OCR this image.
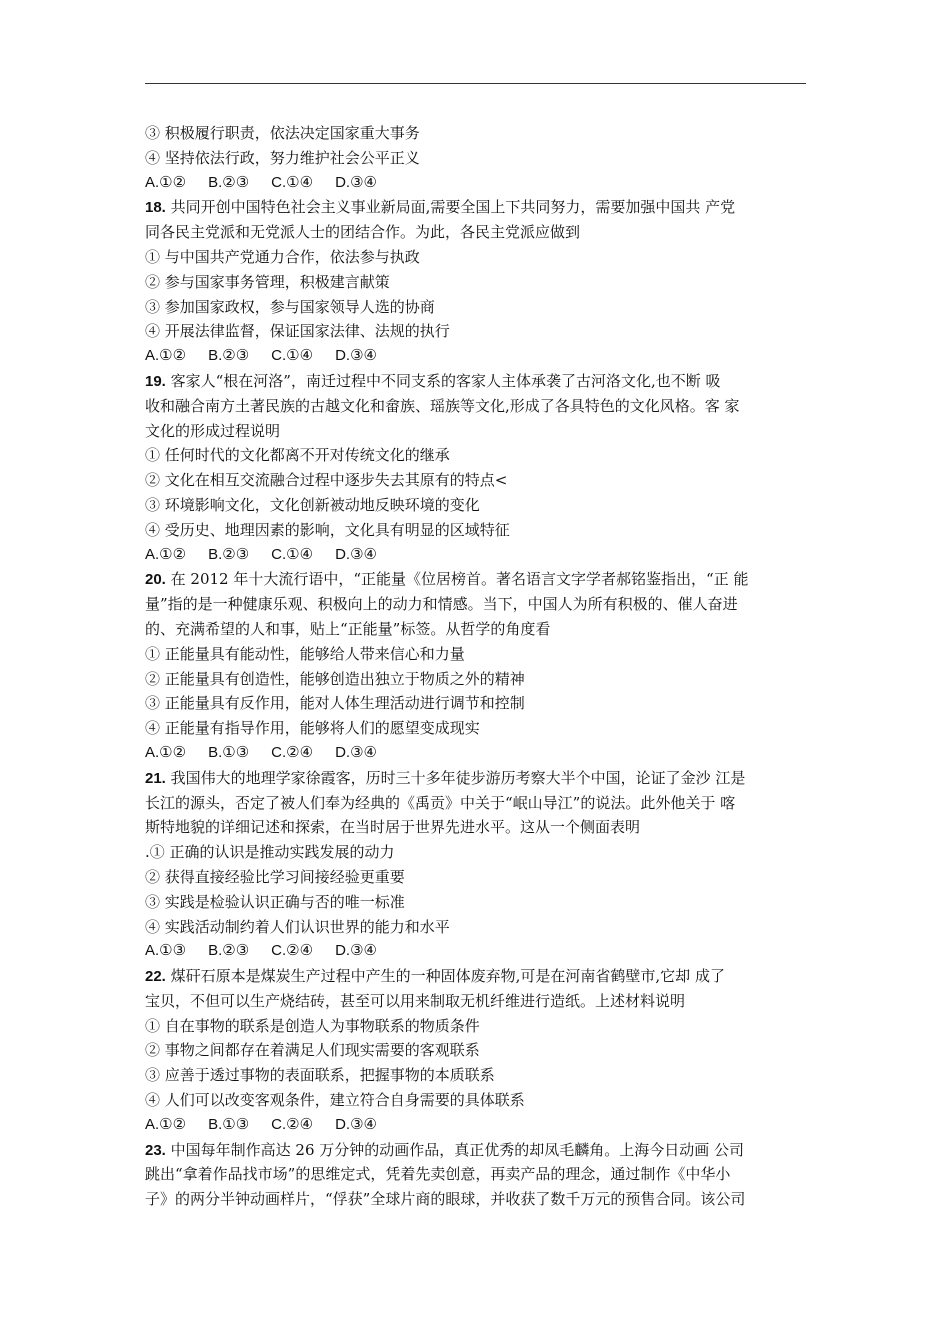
③ 积极履行职责，依法决定国家重大事务
④ 坚持依法行政，努力维护社会公平正义
A.①② B.②③ C.①④ D.③④
18. 共同开创中国特色社会主义事业新局面,需要全国上下共同努力，需要加强中国共 产党
同各民主党派和无党派人士的团结合作。为此，各民主党派应做到
① 与中国共产党通力合作，依法参与执政
② 参与国家事务管理，积极建言献策
③ 参加国家政权，参与国家领导人选的协商
④ 开展法律监督，保证国家法律、法规的执行
A.①② B.②③ C.①④ D.③④
19. 客家人“根在河洛”，南迁过程中不同支系的客家人主体承袭了古河洛文化,也不断 吸
收和融合南方土著民族的古越文化和畲族、瑶族等文化,形成了各具特色的文化风格。客 家
文化的形成过程说明
① 任何时代的文化都离不开对传统文化的继承
② 文化在相互交流融合过程中逐步失去其原有的特点<
③ 环境影响文化，文化创新被动地反映环境的变化
④ 受历史、地理因素的影响，文化具有明显的区域特征
A.①② B.②③ C.①④ D.③④
20. 在 2012 年十大流行语中，“正能量《位居榜首。著名语言文字学者郝铭鉴指出，“正 能
量”指的是一种健康乐观、积极向上的动力和情感。当下，中国人为所有积极的、催人奋进
的、充满希望的人和事，贴上“正能量”标签。从哲学的角度看
① 正能量具有能动性，能够给人带来信心和力量
② 正能量具有创造性，能够创造出独立于物质之外的精神
③ 正能量具有反作用，能对人体生理活动进行调节和控制
④ 正能量有指导作用，能够将人们的愿望变成现实
A.①② B.①③ C.②④ D.③④
21. 我国伟大的地理学家徐霞客，历时三十多年徒步游历考察大半个中国，论证了金沙 江是
长江的源头，否定了被人们奉为经典的《禹贡》中关于“岷山导江”的说法。此外他关于 喀
斯特地貌的详细记述和探索，在当时居于世界先进水平。这从一个侧面表明
.① 正确的认识是推动实践发展的动力
② 获得直接经验比学习间接经验更重要
③ 实践是检验认识正确与否的唯一标准
④ 实践活动制约着人们认识世界的能力和水平
A.①③ B.②③ C.②④ D.③④
22. 煤矸石原本是煤炭生产过程中产生的一种固体废弃物,可是在河南省鹤壁市,它却 成了
宝贝，不但可以生产烧结砖，甚至可以用来制取无机纤维进行造纸。上述材料说明
① 自在事物的联系是创造人为事物联系的物质条件
② 事物之间都存在着满足人们现实需要的客观联系
③ 应善于透过事物的表面联系，把握事物的本质联系
④ 人们可以改变客观条件，建立符合自身需要的具体联系
A.①② B.①③ C.②④ D.③④
23. 中国每年制作高达 26 万分钟的动画作品，真正优秀的却凤毛麟角。上海今日动画 公司
跳出“拿着作品找市场”的思维定式，凭着先卖创意，再卖产品的理念，通过制作《中华小
子》的两分半钟动画样片，“俘获”全球片商的眼球，并收获了数千万元的预售合同。该公司
